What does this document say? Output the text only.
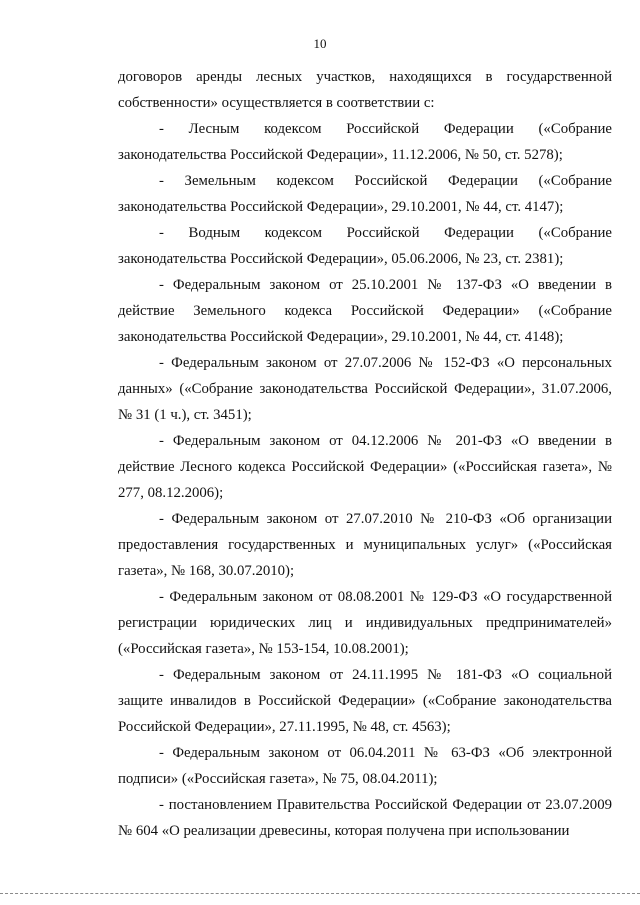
10

договоров аренды лесных участков, находящихся в государственной собственности» осуществляется в соответствии с:

- Лесным кодексом Российской Федерации («Собрание законодательства Российской Федерации», 11.12.2006, № 50, ст. 5278);

- Земельным кодексом Российской Федерации («Собрание законодательства Российской Федерации», 29.10.2001, № 44, ст. 4147);

- Водным кодексом Российской Федерации («Собрание законодательства Российской Федерации», 05.06.2006, № 23, ст. 2381);

- Федеральным законом от 25.10.2001 № 137-ФЗ «О введении в действие Земельного кодекса Российской Федерации» («Собрание законодательства Российской Федерации», 29.10.2001, № 44, ст. 4148);

- Федеральным законом от 27.07.2006 № 152-ФЗ «О персональных данных» («Собрание законодательства Российской Федерации», 31.07.2006, № 31 (1 ч.), ст. 3451);

- Федеральным законом от 04.12.2006 № 201-ФЗ «О введении в действие Лесного кодекса Российской Федерации» («Российская газета», № 277, 08.12.2006);

- Федеральным законом от 27.07.2010 № 210-ФЗ «Об организации предоставления государственных и муниципальных услуг» («Российская газета», № 168, 30.07.2010);

- Федеральным законом от 08.08.2001 № 129-ФЗ «О государственной регистрации юридических лиц и индивидуальных предпринимателей» («Российская газета», № 153-154, 10.08.2001);

- Федеральным законом от 24.11.1995 № 181-ФЗ «О социальной защите инвалидов в Российской Федерации» («Собрание законодательства Российской Федерации», 27.11.1995, № 48, ст. 4563);

- Федеральным законом от 06.04.2011 № 63-ФЗ «Об электронной подписи» («Российская газета», № 75, 08.04.2011);

- постановлением Правительства Российской Федерации от 23.07.2009 № 604 «О реализации древесины, которая получена при использовании
